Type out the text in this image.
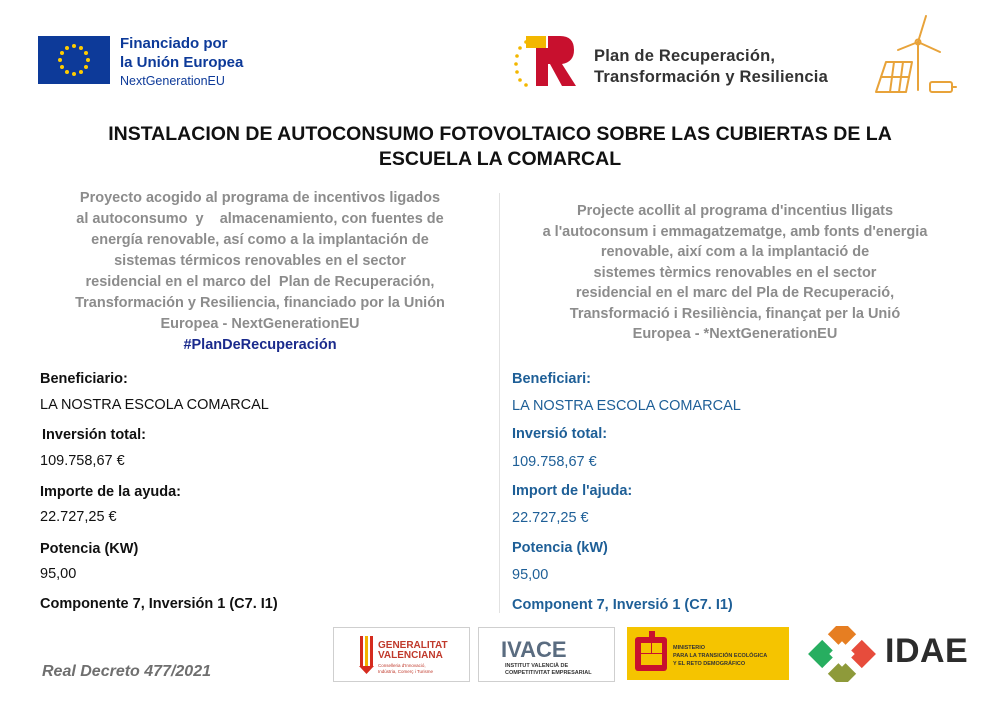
Financiado por
la Unión Europea
NextGenerationEU
Plan de Recuperación,
Transformación y Resiliencia
INSTALACION DE AUTOCONSUMO FOTOVOLTAICO SOBRE LAS CUBIERTAS DE LA
ESCUELA LA COMARCAL
Proyecto acogido al programa de incentivos ligados
al autoconsumo  y    almacenamiento, con fuentes de
energía renovable, así como a la implantación de
sistemas térmicos renovables en el sector
residencial en el marco del  Plan de Recuperación,
Transformación y Resiliencia, financiado por la Unión
Europea - NextGenerationEU
#PlanDeRecuperación
Projecte acollit al programa d'incentius lligats
a l'autoconsum i emmagatzematge, amb fonts d'energia
renovable, així com a la implantació de
sistemes tèrmics renovables en el sector
residencial en el marc del Pla de Recuperació,
Transformació i Resiliència, finançat per la Unió
Europea - *NextGenerationEU
Beneficiario:
LA NOSTRA ESCOLA COMARCAL
Inversión total:
109.758,67 €
Importe de la ayuda:
22.727,25 €
Potencia (KW)
95,00
Componente 7, Inversión 1 (C7. I1)
Beneficiari:
LA NOSTRA ESCOLA COMARCAL
Inversió total:
109.758,67 €
Import de l'ajuda:
22.727,25 €
Potencia (kW)
95,00
Component 7, Inversió 1 (C7. I1)
Real Decreto 477/2021
GENERALITAT
VALENCIANA
Conselleria d'Innovació,
Indústria, Comerç i Turisme
IVACE
INSTITUT VALENCIÀ DE
COMPETITIVITAT EMPRESARIAL
MINISTERIO
PARA LA TRANSICIÓN ECOLÓGICA
Y EL RETO DEMOGRÁFICO	IDAE
